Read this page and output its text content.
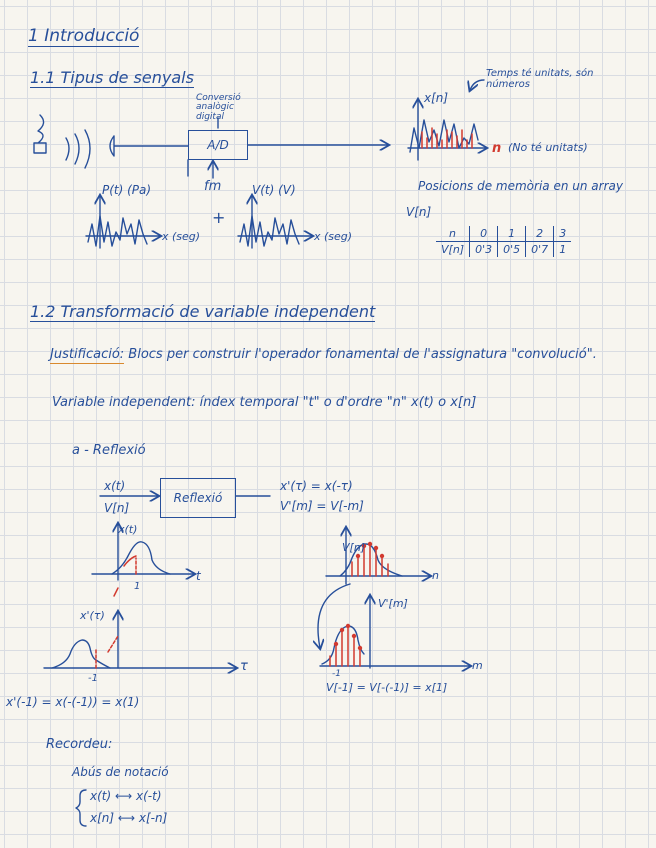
1 Introducció
1.1 Tipus de senyals
Conversió analògic digital
A/D
fm
P(t) (Pa)	V(t) (V)
+
x (seg)	x (seg)
x[n]
Temps té unitats, són números
n (No té unitats)
Posicions de memòria en un array
V[n]
n	0	1	2	3
V[n]	0'3	0'5	0'7	1
1.2 Transformació de variable independent
Justificació: Blocs per construir l'operador fonamental de l'assignatura "convolució".
Variable independent: índex temporal "t" o d'ordre "n" x(t) o x[n]
a - Reflexió
x(t)
V[n]
Reflexió
x'(τ) = x(-τ)
V'[m] = V[-m]
x(t)
t
1
x'(τ)
τ
-1
x'(-1) = x(-(-1)) = x(1)
V[n]
n
V'[m]
m
-1
V[-1] = V[-(-1)] = x[1]
Recordeu:
Abús de notació
x(t) ⟷ x(-t)
x[n] ⟷ x[-n]
